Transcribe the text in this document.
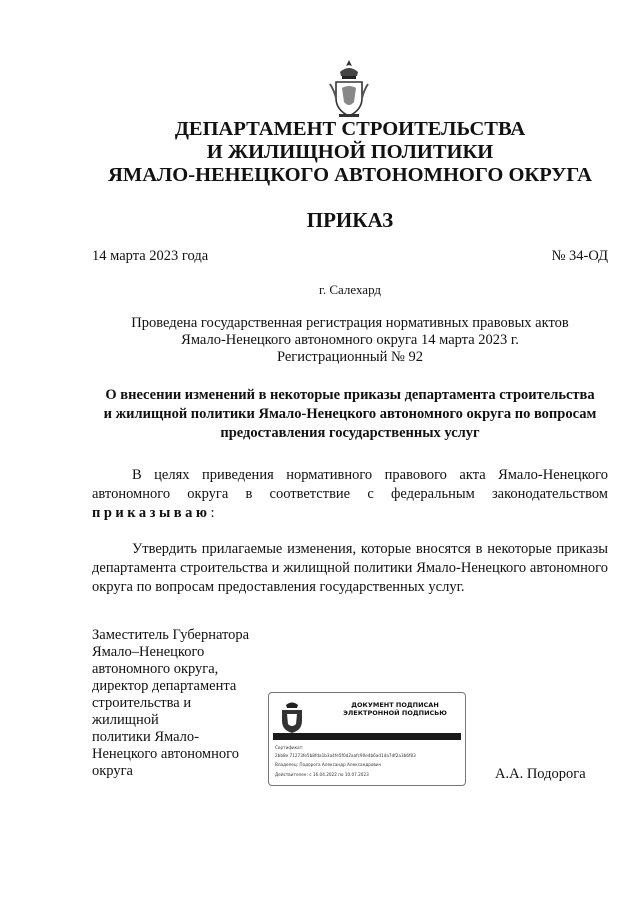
ДЕПАРТАМЕНТ СТРОИТЕЛЬСТВА
И ЖИЛИЩНОЙ ПОЛИТИКИ
ЯМАЛО-НЕНЕЦКОГО АВТОНОМНОГО ОКРУГА
ПРИКАЗ
14 марта 2023 года	№ 34-ОД
г. Салехард
Проведена государственная регистрация нормативных правовых актов
Ямало-Ненецкого автономного округа 14 марта 2023 г.
Регистрационный № 92
О внесении изменений в некоторые приказы департамента строительства
и жилищной политики Ямало-Ненецкого автономного округа по вопросам
предоставления государственных услуг
В целях приведения нормативного правового акта Ямало-Ненецкого автономного округа в соответствие с федеральным законодательством приказываю:
Утвердить прилагаемые изменения, которые вносятся в некоторые приказы департамента строительства и жилищной политики Ямало-Ненецкого автономного округа по вопросам предоставления государственных услуг.
Заместитель Губернатора
Ямало–Ненецкого
автономного округа,
директор департамента
строительства и
жилищной
политики Ямало-
Ненецкого автономного
округа
ДОКУМЕНТ ПОДПИСАН
ЭЛЕКТРОННОЙ ПОДПИСЬЮ
Сертификат:
2bb8e 71273fe5b8fda1b3a4fe5f0d2aafc90e4b6ad1da7df2a3b6f83
Владелец: Подорога Александр Александрович
Действителен: с 16.04.2022 по 10.07.2023	А.А. Подорога
